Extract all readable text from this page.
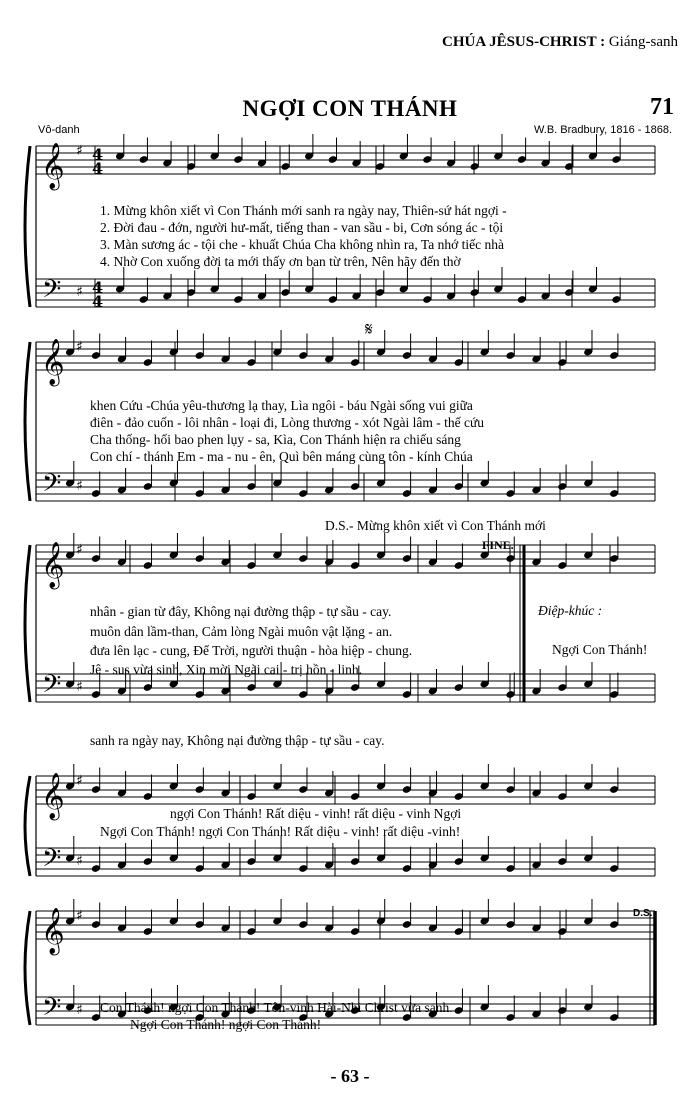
CHÚA JÊSUS-CHRIST : Giáng-sanh
NGỢI CON THÁNH	71
Vô-danh	W.B. Bradbury, 1816 - 1868.
𝄞 ♯ 4
4
𝄢 ♯ 4
4
𝄞 ♯
𝄢 ♯
𝄞 ♯
𝄢 ♯
𝄞 ♯
𝄢 ♯
𝄞 ♯
𝄢 ♯
𝄋
1. Mừng khôn xiết vì Con Thánh mới sanh ra ngày nay, Thiên-sứ hát ngợi -
2. Đời đau - đớn, người hư-mất, tiếng than - van sầu - bi, Cơn sóng ác - tội
3. Màn sương ác - tội che - khuất Chúa Cha không nhìn ra, Ta nhớ tiếc nhà
4. Nhờ Con xuống đời ta mới thấy ơn ban từ trên, Nên hãy đến thờ
khen Cứu -Chúa yêu-thương lạ thay, Lìa ngôi - báu Ngài sống vui giữa
điên - đảo cuốn - lôi nhân - loại đi, Lòng thương - xót Ngài lâm - thế cứu
Cha thống- hối bao phen lụy - sa, Kìa, Con Thánh hiện ra chiếu sáng
Con chí - thánh Em - ma - nu - ên, Quì bên máng cùng tôn - kính Chúa
D.S.- Mừng khôn xiết vì Con Thánh mới
nhân - gian từ đây, Không nại đường thập - tự sầu - cay.
muôn dân lầm-than, Cảm lòng Ngài muôn vật lặng - an.
đưa lên lạc - cung, Để Trời, người thuận - hòa hiệp - chung.
Jê - sus vừa sinh, Xin mời Ngài cai - trị hồn - linh.
Điệp-khúc :
Ngợi Con Thánh!
sanh ra ngày nay, Không nại đường thập - tự sầu - cay.
FINE.
ngợi Con Thánh! Rất diệu - vinh! rất diệu - vinh Ngợi
Ngợi Con Thánh! ngợi Con Thánh! Rất diệu - vinh! rất diệu -vinh!
Con Thánh! ngợi Con Thánh! Tôn-vinh Hài-Nhi Christ vừa sanh.
Ngợi Con Thánh! ngợi Con Thánh!
D.S.
- 63 -
